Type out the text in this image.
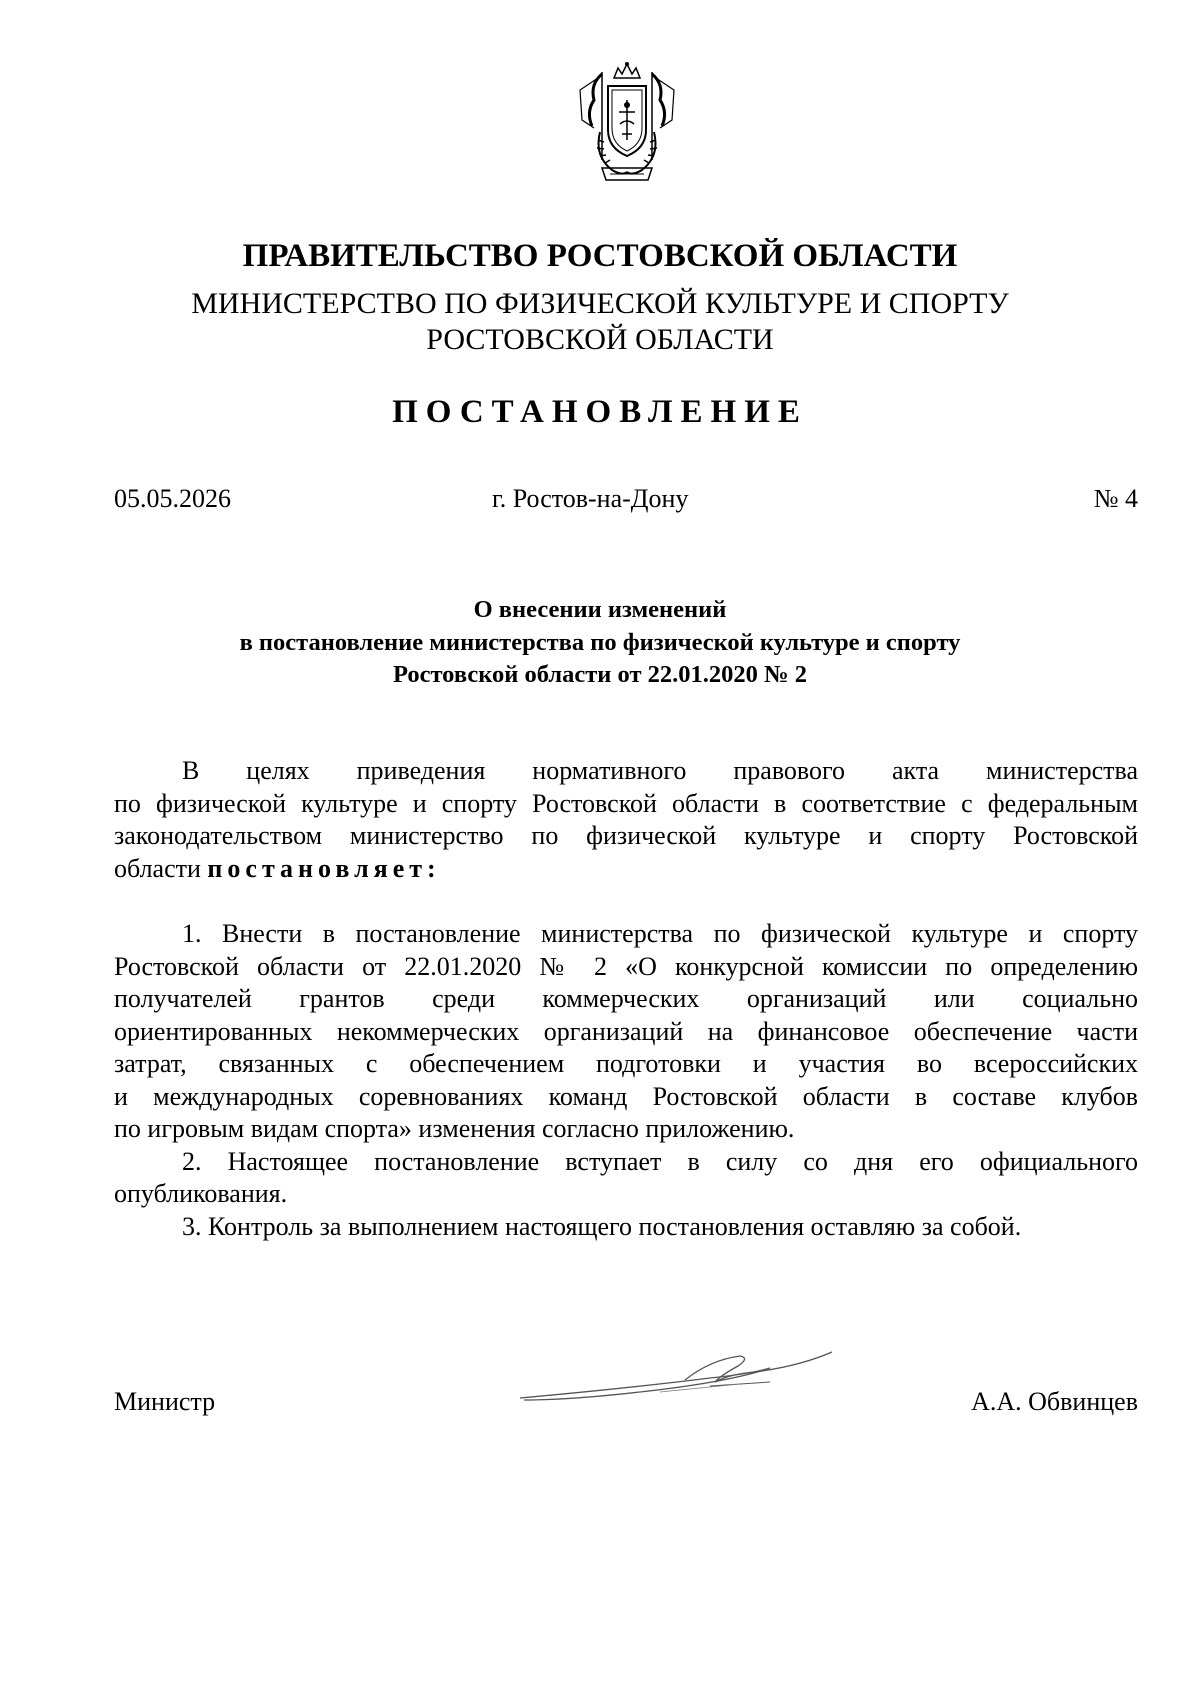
ПРАВИТЕЛЬСТВО РОСТОВСКОЙ ОБЛАСТИ
МИНИСТЕРСТВО ПО ФИЗИЧЕСКОЙ КУЛЬТУРЕ И СПОРТУ
РОСТОВСКОЙ ОБЛАСТИ
ПОСТАНОВЛЕНИЕ
05.05.2026	г. Ростов-на-Дону	№ 4
О внесении изменений
в постановление министерства по физической культуре и спорту
Ростовской области от 22.01.2020 № 2
В целях приведения нормативного правового акта министерства
по физической культуре и спорту Ростовской области в соответствие с федеральным
законодательством министерство по физической культуре и спорту Ростовской
области постановляет:
1. Внести в постановление министерства по физической культуре и спорту
Ростовской области от 22.01.2020 № 2 «О конкурсной комиссии по определению
получателей грантов среди коммерческих организаций или социально
ориентированных некоммерческих организаций на финансовое обеспечение части
затрат, связанных с обеспечением подготовки и участия во всероссийских
и международных соревнованиях команд Ростовской области в составе клубов
по игровым видам спорта» изменения согласно приложению.
2. Настоящее постановление вступает в силу со дня его официального
опубликования.
3. Контроль за выполнением настоящего постановления оставляю за собой.
Министр	А.А. Обвинцев
